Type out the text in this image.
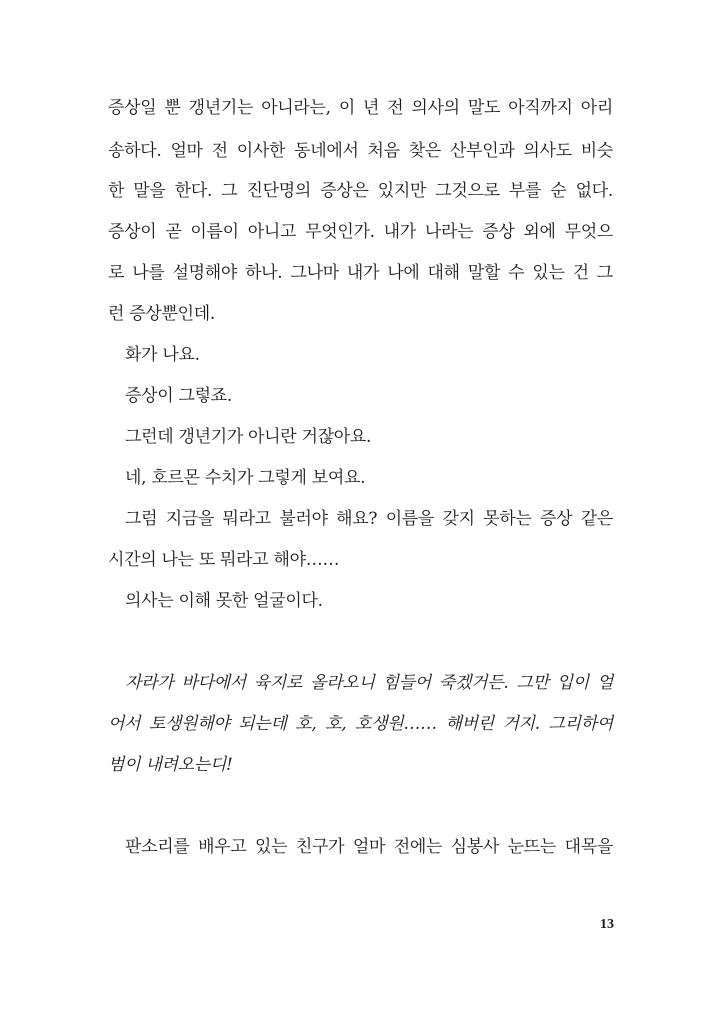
증상일 뿐 갱년기는 아니라는, 이 년 전 의사의 말도 아직까지 아리
송하다. 얼마 전 이사한 동네에서 처음 찾은 산부인과 의사도 비슷
한 말을 한다. 그 진단명의 증상은 있지만 그것으로 부를 순 없다.
증상이 곧 이름이 아니고 무엇인가. 내가 나라는 증상 외에 무엇으
로 나를 설명해야 하나. 그나마 내가 나에 대해 말할 수 있는 건 그
런 증상뿐인데.
화가 나요.
증상이 그렇죠.
그런데 갱년기가 아니란 거잖아요.
네, 호르몬 수치가 그렇게 보여요.
그럼 지금을 뭐라고 불러야 해요? 이름을 갖지 못하는 증상 같은
시간의 나는 또 뭐라고 해야……
의사는 이해 못한 얼굴이다.
자라가 바다에서 육지로 올라오니 힘들어 죽겠거든. 그만 입이 얼
어서 토생원해야 되는데 호, 호, 호생원…… 해버린 거지. 그리하여
범이 내려오는디!
판소리를 배우고 있는 친구가 얼마 전에는 심봉사 눈뜨는 대목을
13
